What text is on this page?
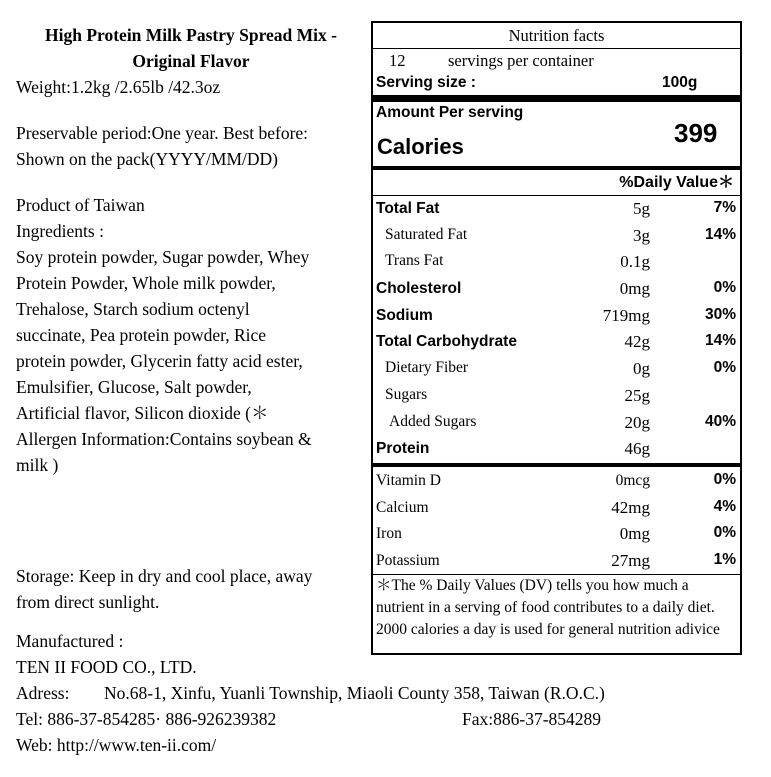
High Protein Milk Pastry Spread Mix -
Original Flavor

Weight:1.2kg /2.65lb /42.3oz

Preservable period:One year. Best before:

Shown on the pack(YYYY/MM/DD)

Product of Taiwan

Ingredients :

Soy protein powder, Sugar powder, Whey
Protein Powder, Whole milk powder,
Trehalose, Starch sodium octenyl
succinate, Pea protein powder, Rice
protein powder, Glycerin fatty acid ester,
Emulsifier, Glucose, Salt powder,
Artificial flavor, Silicon dioxide (＊
Allergen Information:Contains soybean &
milk )
Storage: Keep in dry and cool place, away
from direct sunlight.
Manufactured :
TEN II FOOD CO., LTD.
Adress: No.68-1, Xinfu, Yuanli Township, Miaoli County 358, Taiwan (R.O.C.)
Tel: 886-37-854285· 886-926239382	Fax:886-37-854289
Web: http://www.ten-ii.com/
Nutrition facts
12	servings per container
Serving size :	100g
Amount Per serving
Calories	399
%Daily Value＊
Total Fat	5g	7%
Saturated Fat	3g	14%
Trans Fat	0.1g
Cholesterol	0mg	0%
Sodium	719mg	30%
Total Carbohydrate	42g	14%
Dietary Fiber	0g	0%
Sugars	25g
Added Sugars	20g	40%
Protein	46g
Vitamin D	0mcg	0%
Calcium	42mg	4%
Iron	0mg	0%
Potassium	27mg	1%
＊The % Daily Values (DV) tells you how much a nutrient in a serving of food contributes to a daily diet. 2000 calories a day is used for general nutrition adivice
